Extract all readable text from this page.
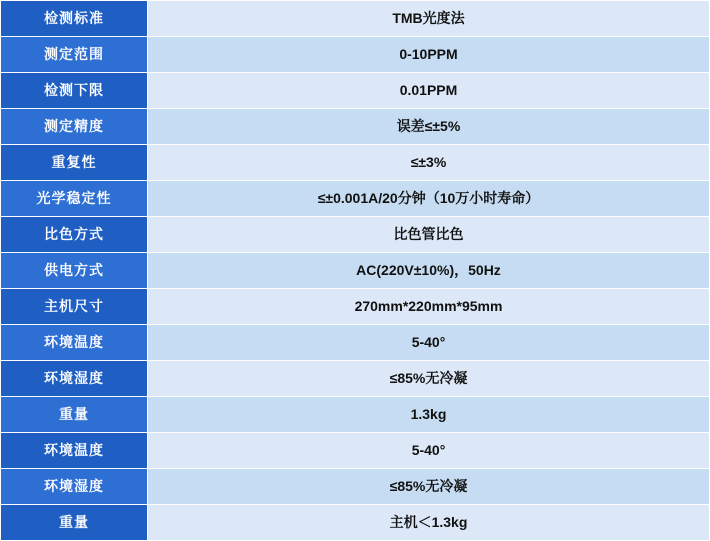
检测标准	TMB光度法
测定范围	0-10PPM
检测下限	0.01PPM
测定精度	误差≤±5%
重复性	≤±3%
光学稳定性	≤±0.001A/20分钟（10万小时寿命）
比色方式	比色管比色
供电方式	AC(220V±10%)，50Hz
主机尺寸	270mm*220mm*95mm
环境温度	5-40°
环境湿度	≤85%无冷凝
重量	1.3kg
环境温度	5-40°
环境湿度	≤85%无冷凝
重量	主机＜1.3kg
